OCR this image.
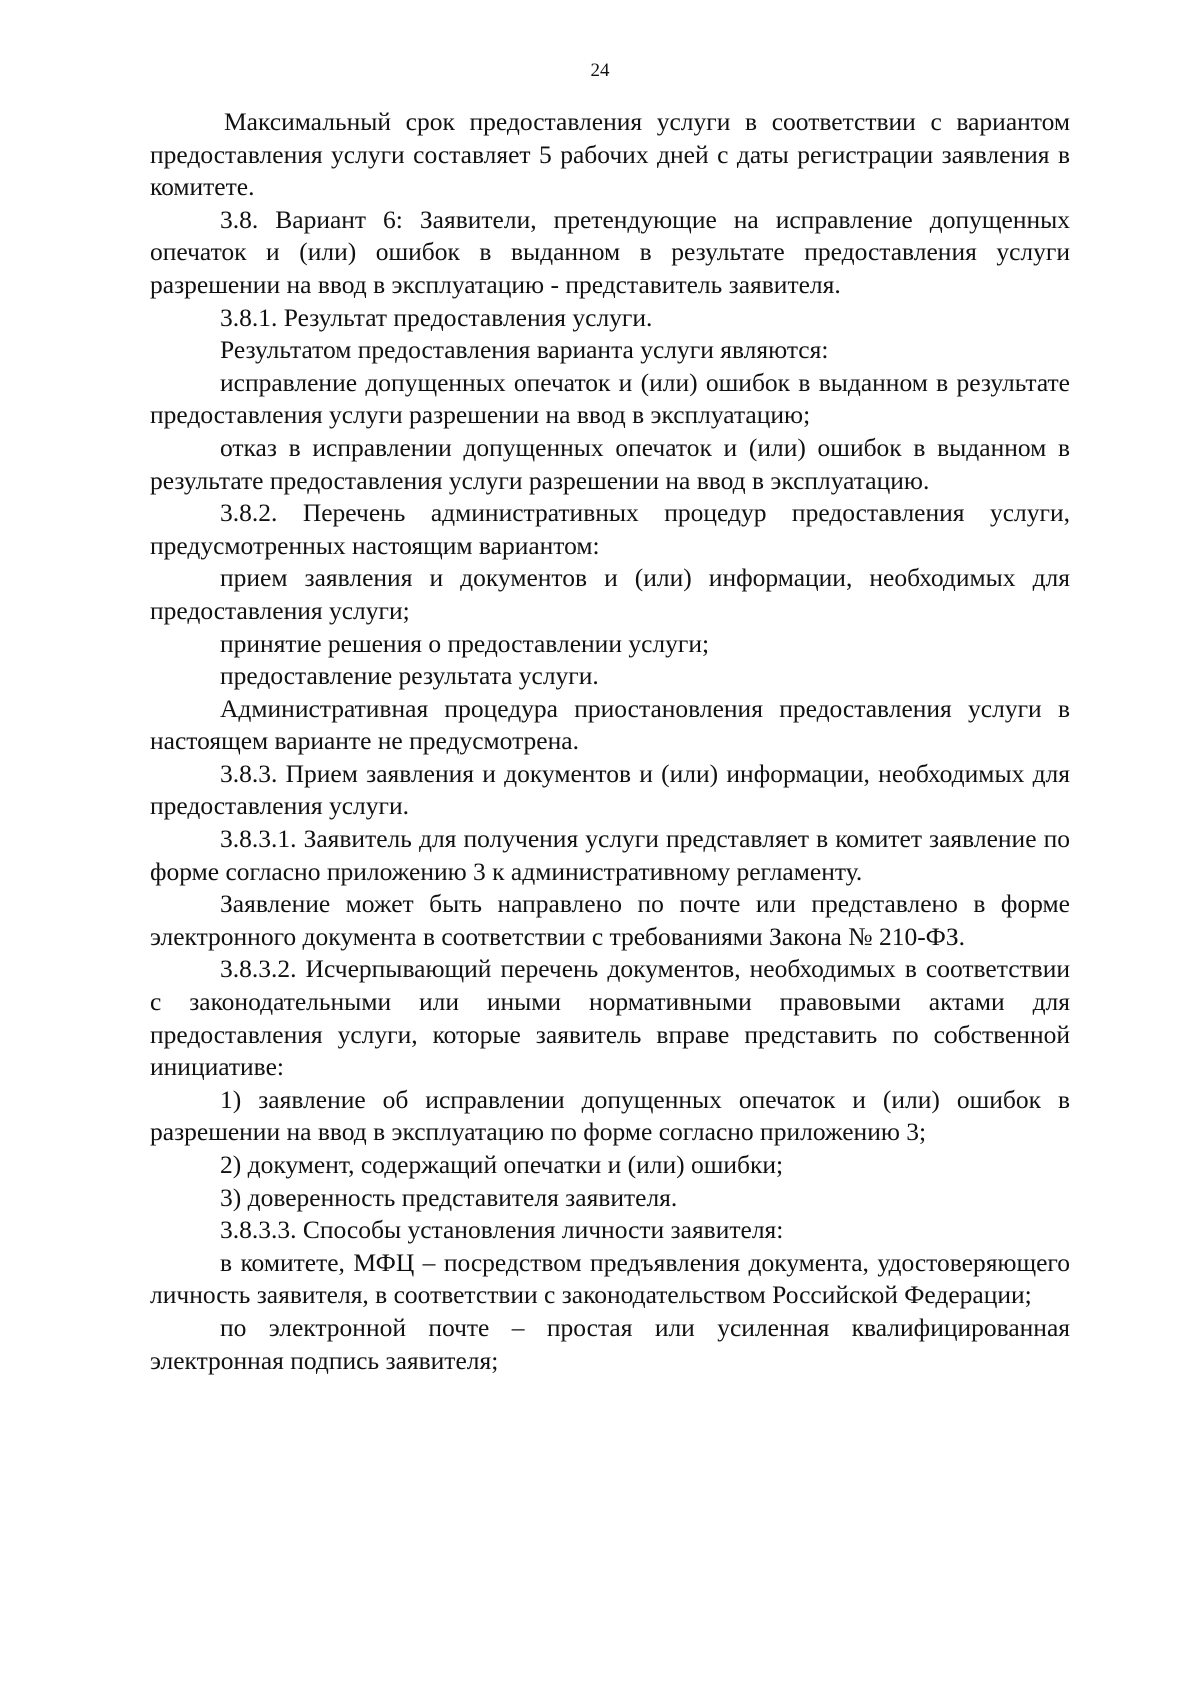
24

Максимальный срок предоставления услуги в соответствии с вариантом предоставления услуги составляет 5 рабочих дней с даты регистрации заявления в комитете.

3.8. Вариант 6: Заявители, претендующие на исправление допущенных опечаток и (или) ошибок в выданном в результате предоставления услуги разрешении на ввод в эксплуатацию - представитель заявителя.

3.8.1. Результат предоставления услуги.

Результатом предоставления варианта услуги являются:

исправление допущенных опечаток и (или) ошибок в выданном в результате предоставления услуги разрешении на ввод в эксплуатацию;

отказ в исправлении допущенных опечаток и (или) ошибок в выданном в результате предоставления услуги разрешении на ввод в эксплуатацию.

3.8.2. Перечень административных процедур предоставления услуги, предусмотренных настоящим вариантом:

прием заявления и документов и (или) информации, необходимых для предоставления услуги;

принятие решения о предоставлении услуги;

предоставление результата услуги.

Административная процедура приостановления предоставления услуги в настоящем варианте не предусмотрена.

3.8.3. Прием заявления и документов и (или) информации, необходимых для предоставления услуги.

3.8.3.1. Заявитель для получения услуги представляет в комитет заявление по форме согласно приложению 3 к административному регламенту.

Заявление может быть направлено по почте или представлено в форме электронного документа в соответствии с требованиями Закона № 210-ФЗ.

3.8.3.2. Исчерпывающий перечень документов, необходимых в соответствии с законодательными или иными нормативными правовыми актами для предоставления услуги, которые заявитель вправе представить по собственной инициативе:

1) заявление об исправлении допущенных опечаток и (или) ошибок в разрешении на ввод в эксплуатацию по форме согласно приложению 3;

2) документ, содержащий опечатки и (или) ошибки;

3) доверенность представителя заявителя.

3.8.3.3. Способы установления личности заявителя:

в комитете, МФЦ – посредством предъявления документа, удостоверяющего личность заявителя, в соответствии с законодательством Российской Федерации;

по электронной почте – простая или усиленная квалифицированная электронная подпись заявителя;
